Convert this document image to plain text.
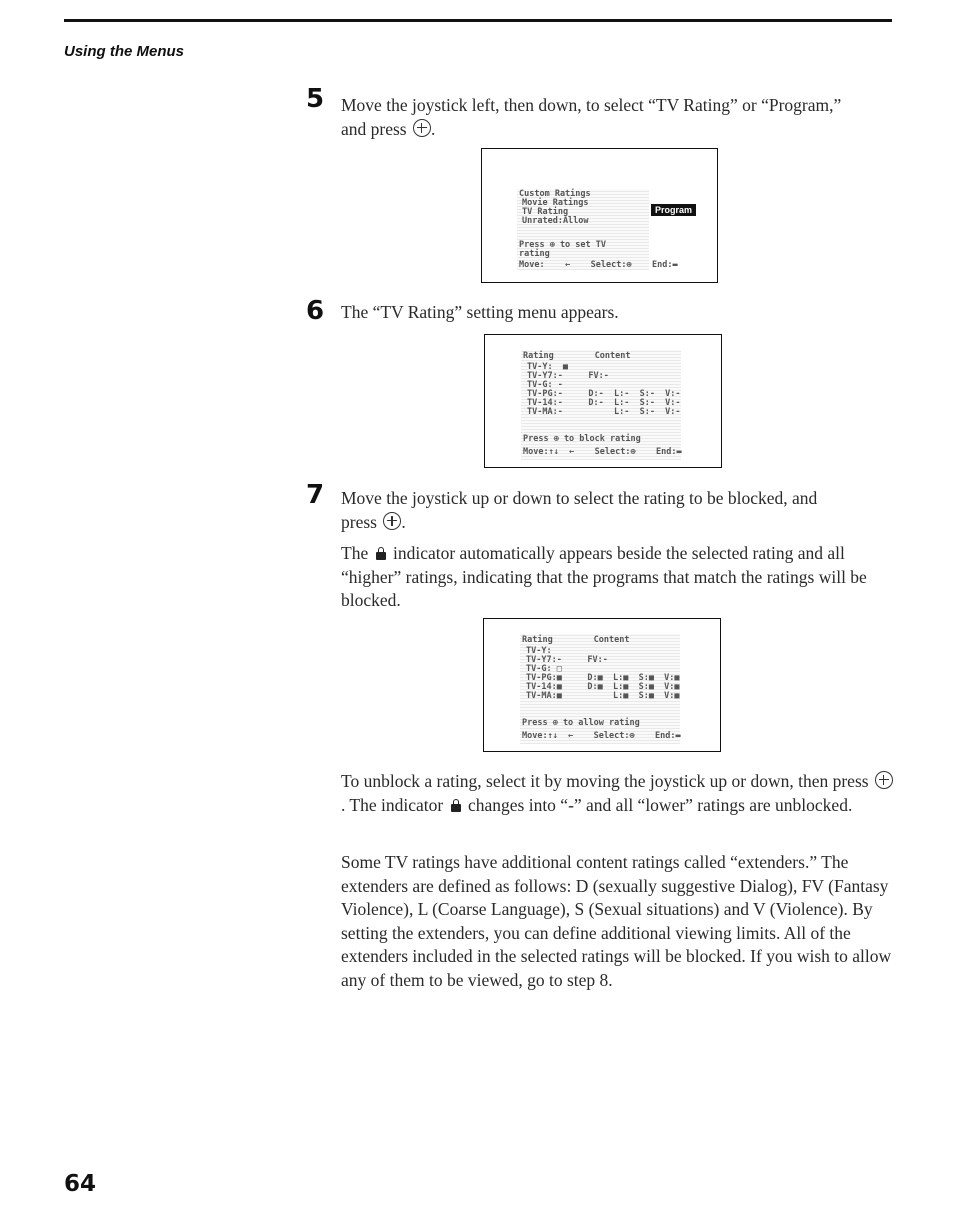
Using the Menus
5 Move the joystick left, then down, to select “TV Rating” or “Program,”
and press .
Custom Ratings
Movie Ratings
TV Rating
Unrated:Allow
Press ⊕ to set TV
rating
Move:    ←    Select:⊕    End:▬
Program
6 The “TV Rating” setting menu appears.
Rating        Content
TV-Y:  ■
TV-Y7:-     FV:-
TV-G: -
TV-PG:-     D:-  L:-  S:-  V:-
TV-14:-     D:-  L:-  S:-  V:-
TV-MA:-          L:-  S:-  V:-
Press ⊕ to block rating
Move:↑↓  ←    Select:⊕    End:▬
7 Move the joystick up or down to select the rating to be blocked, and
press .
The indicator automatically appears beside the selected rating and all “higher” ratings, indicating that the programs that match the ratings will be blocked.
Rating        Content
TV-Y:
TV-Y7:-     FV:-
TV-G: □
TV-PG:■     D:■  L:■  S:■  V:■
TV-14:■     D:■  L:■  S:■  V:■
TV-MA:■          L:■  S:■  V:■
Press ⊕ to allow rating
Move:↑↓  ←    Select:⊕    End:▬
To unblock a rating, select it by moving the joystick up or down, then press . The indicator changes into “-” and all “lower” ratings are unblocked.
Some TV ratings have additional content ratings called “extenders.” The extenders are defined as follows: D (sexually suggestive Dialog), FV (Fantasy Violence), L (Coarse Language), S (Sexual situations) and V (Violence). By setting the extenders, you can define additional viewing limits. All of the extenders included in the selected ratings will be blocked. If you wish to allow any of them to be viewed, go to step 8.
64
